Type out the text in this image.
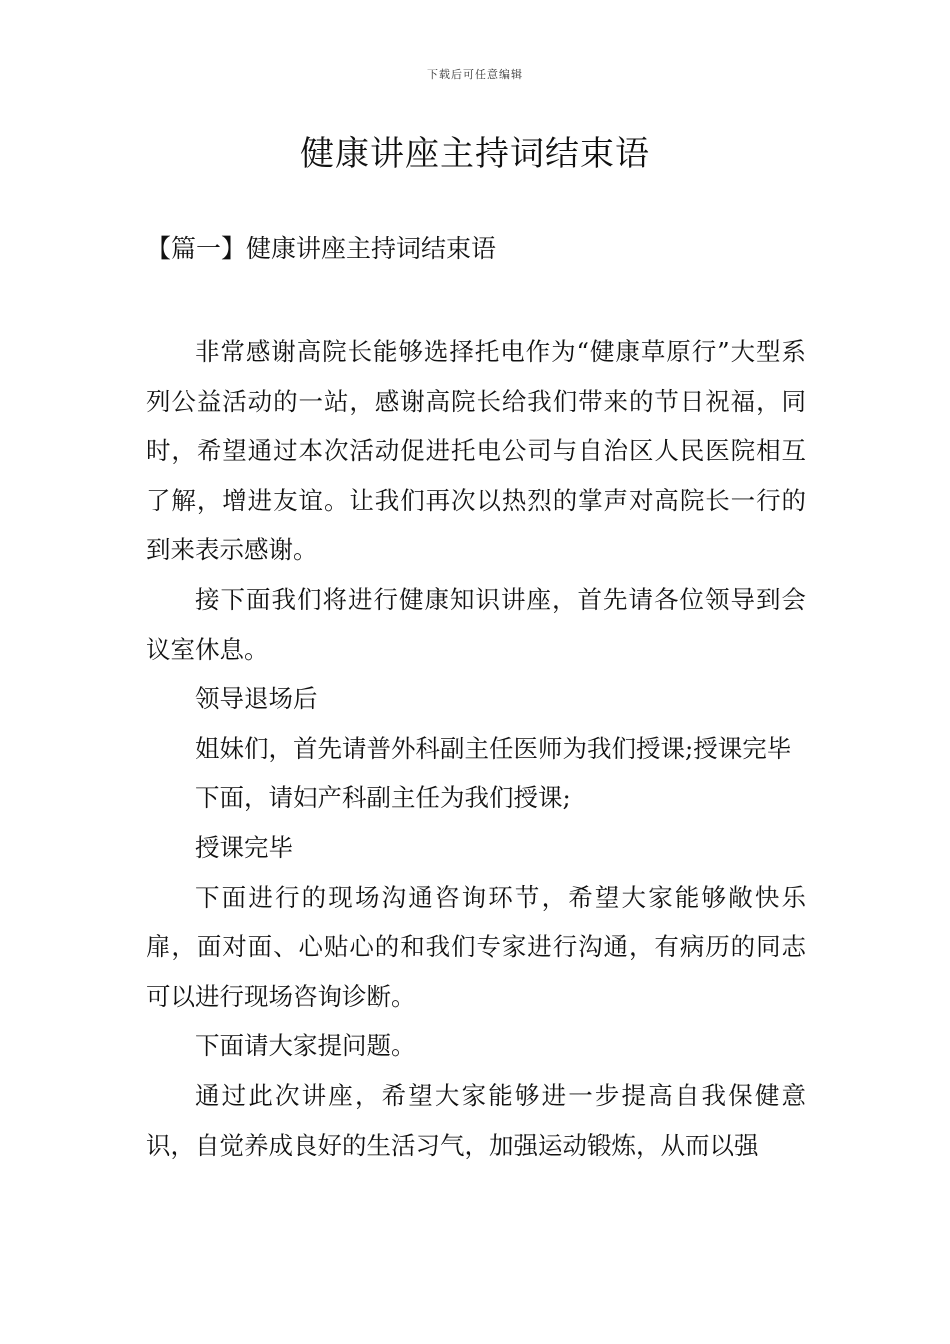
下载后可任意编辑
健康讲座主持词结束语
【篇一】健康讲座主持词结束语

非常感谢高院长能够选择托电作为“健康草原行”大型系列公益活动的一站，感谢高院长给我们带来的节日祝福，同时，希望通过本次活动促进托电公司与自治区人民医院相互了解，增进友谊。让我们再次以热烈的掌声对高院长一行的到来表示感谢。

接下面我们将进行健康知识讲座，首先请各位领导到会议室休息。

领导退场后

姐妹们，首先请普外科副主任医师为我们授课;授课完毕

下面，请妇产科副主任为我们授课;

授课完毕

下面进行的现场沟通咨询环节，希望大家能够敞快乐扉，面对面、心贴心的和我们专家进行沟通，有病历的同志可以进行现场咨询诊断。

下面请大家提问题。

通过此次讲座，希望大家能够进一步提高自我保健意识，自觉养成良好的生活习气，加强运动锻炼，从而以强
